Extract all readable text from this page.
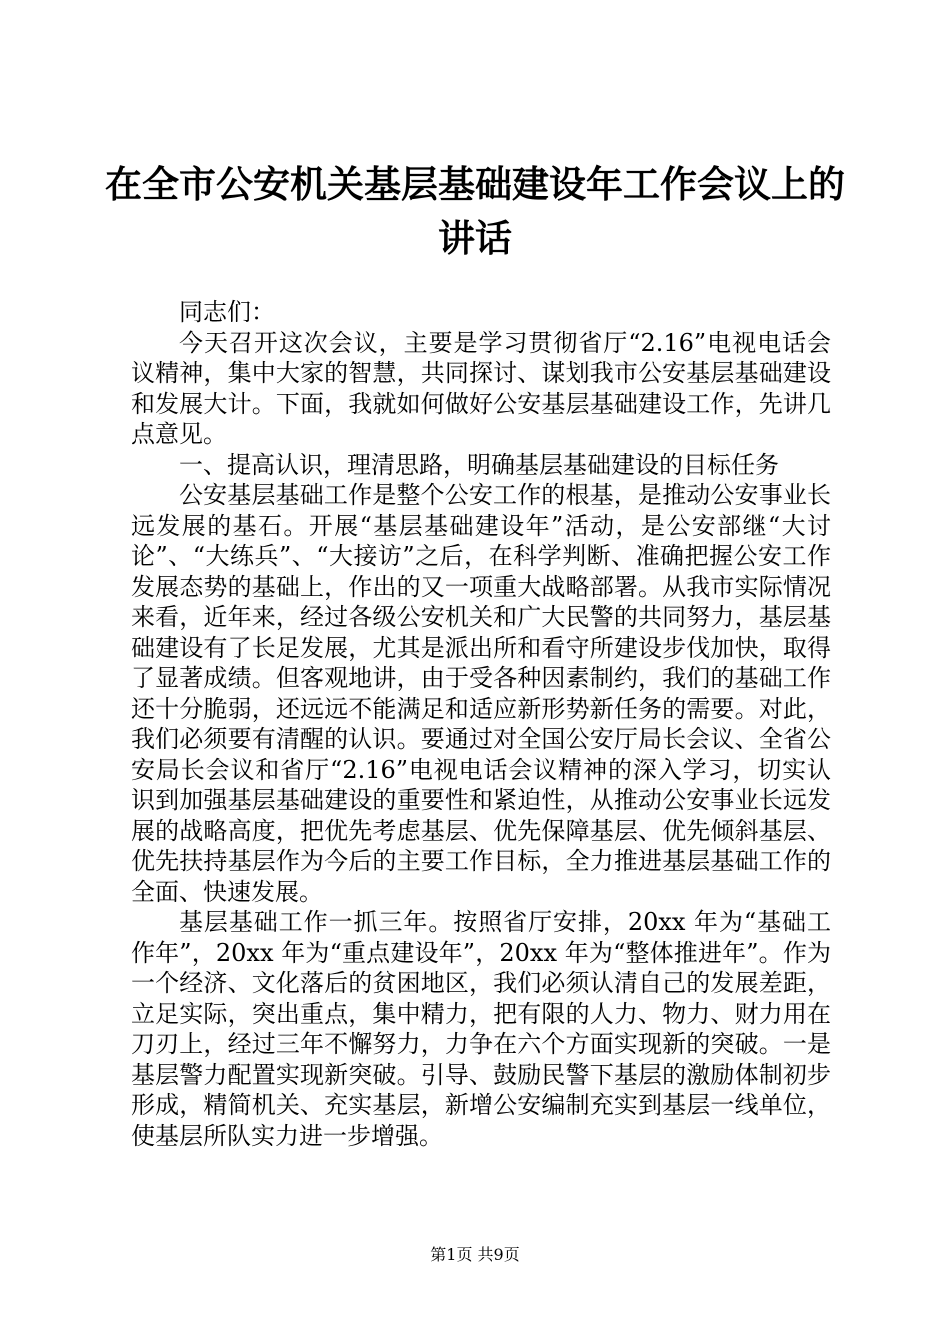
在全市公安机关基层基础建设年工作会议上的
讲话

同志们：

今天召开这次会议，主要是学习贯彻省厅“2.16”电视电话会议精神，集中大家的智慧，共同探讨、谋划我市公安基层基础建设和发展大计。下面，我就如何做好公安基层基础建设工作，先讲几点意见。

一、提高认识，理清思路，明确基层基础建设的目标任务

公安基层基础工作是整个公安工作的根基，是推动公安事业长远发展的基石。开展“基层基础建设年”活动，是公安部继“大讨论”、“大练兵”、“大接访”之后，在科学判断、准确把握公安工作发展态势的基础上，作出的又一项重大战略部署。从我市实际情况来看，近年来，经过各级公安机关和广大民警的共同努力，基层基础建设有了长足发展，尤其是派出所和看守所建设步伐加快，取得了显著成绩。但客观地讲，由于受各种因素制约，我们的基础工作还十分脆弱，还远远不能满足和适应新形势新任务的需要。对此，我们必须要有清醒的认识。要通过对全国公安厅局长会议、全省公安局长会议和省厅“2.16”电视电话会议精神的深入学习，切实认识到加强基层基础建设的重要性和紧迫性，从推动公安事业长远发展的战略高度，把优先考虑基层、优先保障基层、优先倾斜基层、优先扶持基层作为今后的主要工作目标，全力推进基层基础工作的全面、快速发展。

基层基础工作一抓三年。按照省厅安排，20xx 年为“基础工作年”，20xx 年为“重点建设年”，20xx 年为“整体推进年”。作为一个经济、文化落后的贫困地区，我们必须认清自己的发展差距，立足实际，突出重点，集中精力，把有限的人力、物力、财力用在刀刃上，经过三年不懈努力，力争在六个方面实现新的突破。一是基层警力配置实现新突破。引导、鼓励民警下基层的激励体制初步形成，精简机关、充实基层，新增公安编制充实到基层一线单位，使基层所队实力进一步增强。

第1页 共9页
